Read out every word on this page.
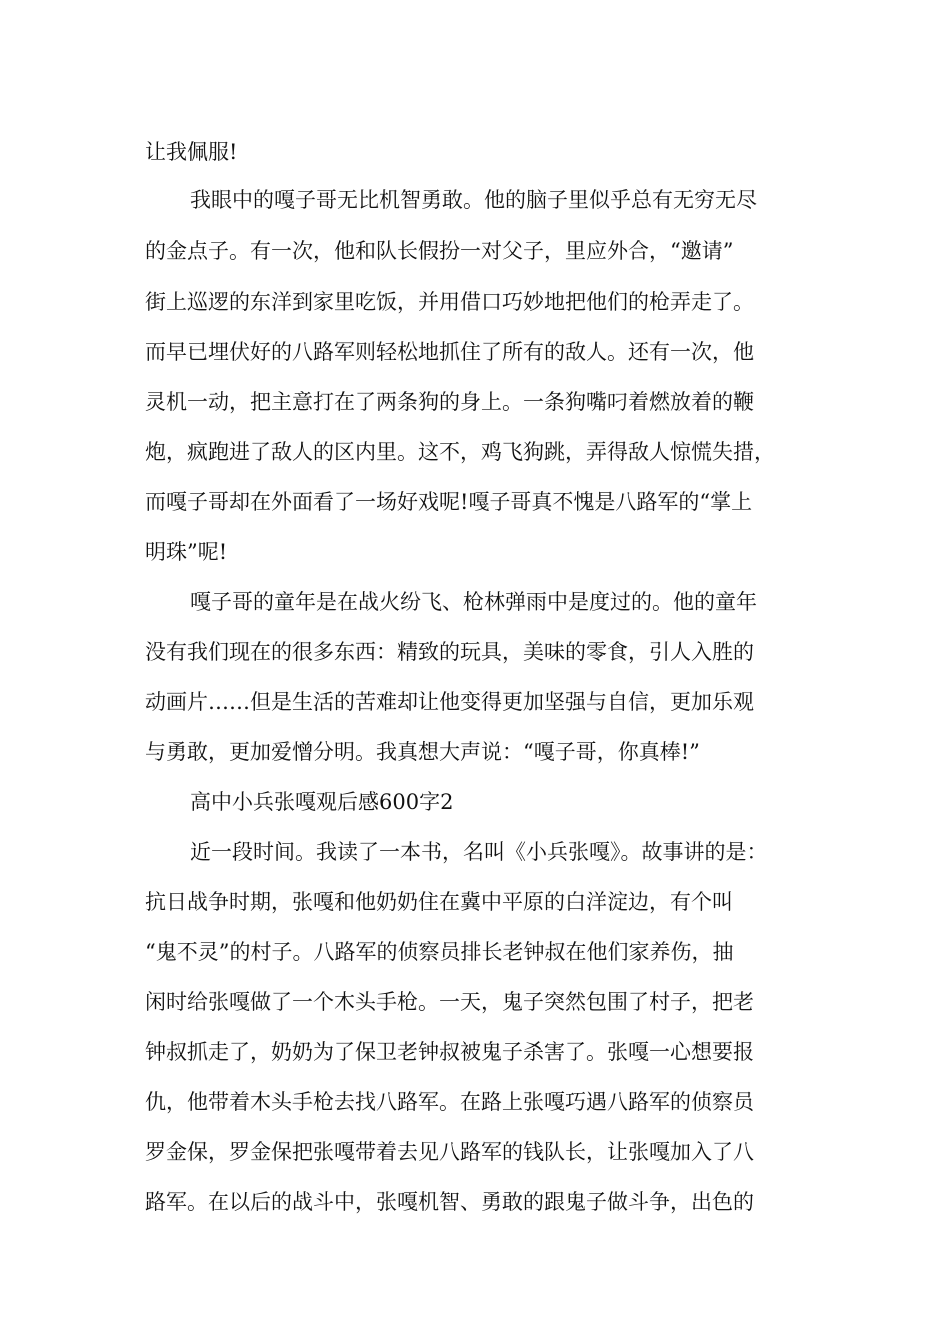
让我佩服!
我眼中的嘎子哥无比机智勇敢。他的脑子里似乎总有无穷无尽
的金点子。有一次，他和队长假扮一对父子，里应外合，“邀请”
街上巡逻的东洋到家里吃饭，并用借口巧妙地把他们的枪弄走了。
而早已埋伏好的八路军则轻松地抓住了所有的敌人。还有一次，他
灵机一动，把主意打在了两条狗的身上。一条狗嘴叼着燃放着的鞭
炮，疯跑进了敌人的区内里。这不，鸡飞狗跳，弄得敌人惊慌失措，
而嘎子哥却在外面看了一场好戏呢!嘎子哥真不愧是八路军的“掌上
明珠”呢!
嘎子哥的童年是在战火纷飞、枪林弹雨中是度过的。他的童年
没有我们现在的很多东西：精致的玩具，美味的零食，引人入胜的
动画片……但是生活的苦难却让他变得更加坚强与自信，更加乐观
与勇敢，更加爱憎分明。我真想大声说：“嘎子哥，你真棒!”
高中小兵张嘎观后感600字2
近一段时间。我读了一本书，名叫《小兵张嘎》。故事讲的是：
抗日战争时期，张嘎和他奶奶住在冀中平原的白洋淀边，有个叫
“鬼不灵”的村子。八路军的侦察员排长老钟叔在他们家养伤，抽
闲时给张嘎做了一个木头手枪。一天，鬼子突然包围了村子，把老
钟叔抓走了，奶奶为了保卫老钟叔被鬼子杀害了。张嘎一心想要报
仇，他带着木头手枪去找八路军。在路上张嘎巧遇八路军的侦察员
罗金保，罗金保把张嘎带着去见八路军的钱队长，让张嘎加入了八
路军。在以后的战斗中，张嘎机智、勇敢的跟鬼子做斗争，出色的
